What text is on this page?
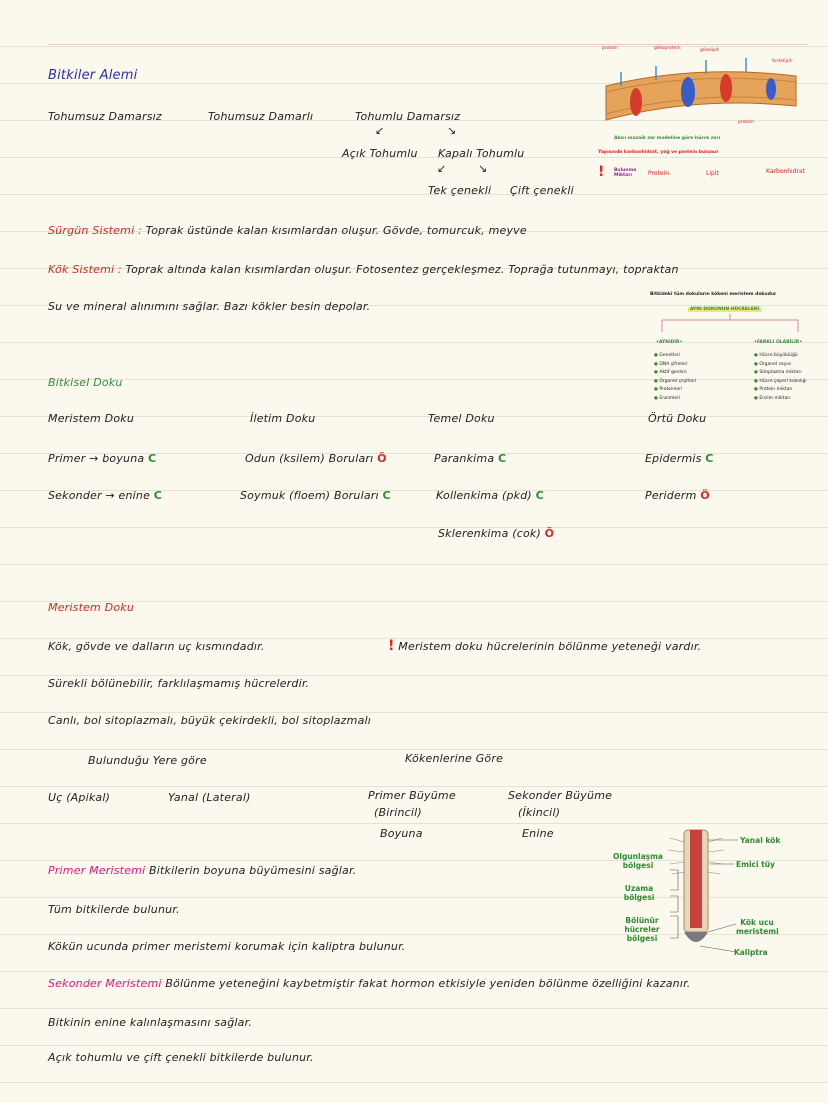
Bitkiler Alemi
Tohumsuz Damarsız	Tohumsuz Damarlı	Tohumlu Damarsız
↙	↘
Açık Tohumlu Kapalı Tohumlu
↙	↘
Tek çenekli Çift çenekli
protein	glikoprotein	glikolipit
fosfolipit
protein
Akıcı mozaik zar modeline göre hücre zarı
Yapısında karbonhidrat, yağ ve protein bulunur
! Bulunma Miktarı	Protein	Lipit	Karbonhidrat
Sürgün Sistemi : Toprak üstünde kalan kısımlardan oluşur. Gövde, tomurcuk, meyve
Kök Sistemi : Toprak altında kalan kısımlardan oluşur. Fotosentez gerçekleşmez. Toprağa tutunmayı, topraktan
Su ve mineral alınımını sağlar. Bazı kökler besin depolar.
Bitkideki tüm dokuların kökeni meristem dokudur
AYNI DOKUNUN HÜCRELERİ
•AYNIDIR•	•FARKLI OLABİLİR•
● Genetleri
● DNA şifreleri
● Aktif genleri
● Organel çeşitleri
● Proteinleri
● Enzimleri
● Hücre büyüklüğü
● Organel sayısı
● Sitoplazma miktarı
● Hücre çeperi kalınlığı
● Protein miktarı
● Enzim miktarı
Bitkisel Doku
Meristem Doku	İletim Doku	Temel Doku	Örtü Doku
Primer → boyuna C	Odun (ksilem) Boruları Ö	Parankima C	Epidermis C
Sekonder → enine C	Soymuk (floem) Boruları C	Kollenkima (pkd) C	Periderm Ö
Sklerenkima (cok) Ö
Meristem Doku
Kök, gövde ve dalların uç kısmındadır.	! Meristem doku hücrelerinin bölünme yeteneği vardır.
Sürekli bölünebilir, farklılaşmamış hücrelerdir.
Canlı, bol sitoplazmalı, büyük çekirdekli, bol sitoplazmalı
Bulunduğu Yere göre	Kökenlerine Göre
Uç (Apikal)	Yanal (Lateral)	Primer Büyüme
(Birincil)
Boyuna
Sekonder Büyüme
(İkincil)
Enine
Olgunlaşma bölgesi
Uzama bölgesi
Bölünür hücreler bölgesi
Yanal kök
Emici tüy
Kök ucu meristemi
Kaliptra
Primer Meristemi Bitkilerin boyuna büyümesini sağlar.
Tüm bitkilerde bulunur.
Kökün ucunda primer meristemi korumak için kaliptra bulunur.
Sekonder Meristemi Bölünme yeteneğini kaybetmiştir fakat hormon etkisiyle yeniden bölünme özelliğini kazanır.
Bitkinin enine kalınlaşmasını sağlar.
Açık tohumlu ve çift çenekli bitkilerde bulunur.
